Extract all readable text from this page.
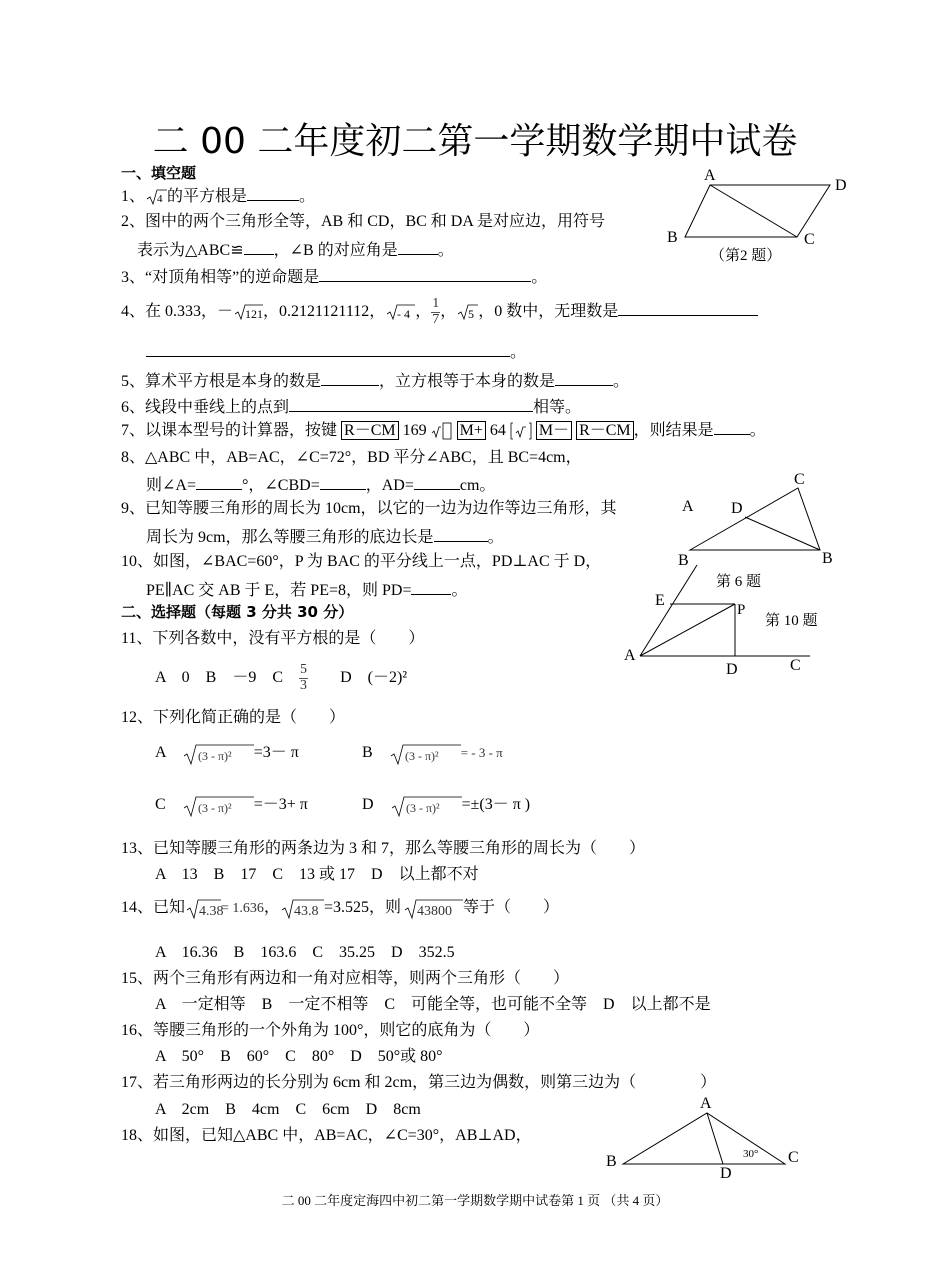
二 00 二年度初二第一学期数学期中试卷
一、填空题
1、 4 的平方根是	。
2、图中的两个三角形全等，AB 和 CD，BC 和 DA 是对应边，用符号
表示为△ABC≌ ，∠B 的对应角是	。
3、“对顶角相等”的逆命题是	。
4、在 0.333，－ 121 ，0.2121121112， - 4 ， $\frac{1}{7}$ ， 5 ，0 数中，无理数是
。
5、算术平方根是本身的数是	，立方根等于本身的数是	。
6、线段中垂线上的点到	相等。
7、以课本型号的计算器，按键 R－CM 169 M+ 64 M－ R－CM ，则结果是 。
8、△ABC 中，AB=AC，∠C=72°，BD 平分∠ABC，且 BC=4cm，
则∠A=	°，∠CBD=	，AD=	cm。
9、已知等腰三角形的周长为 10cm，以它的一边为边作等边三角形，其
周长为 9cm，那么等腰三角形的底边长是	。
10、如图，∠BAC=60°，P 为 BAC 的平分线上一点，PD⊥AC 于 D，
PE∥AC 交 AB 于 E，若 PE=8，则 PD=	。
二、选择题（每题 3 分共 30 分）
11、下列各数中，没有平方根的是（　　）
A　0　B　－9　C　 $\frac{5}{3}$
　　 D　(－2)²
12、下列化简正确的是（　　）
A　	(3 - π)² =3－ π	B　	(3 - π)² = - 3 - π
C　	(3 - π)² =－3+ π	D　	(3 - π)² =±(3－ π )
13、已知等腰三角形的两条边为 3 和 7，那么等腰三角形的周长为（　　）
A　13　B　17　C　13 或 17　D　以上都不对
14、已知 4.38
= 1.636， 43.8 =3.525，则 43800 等于（　　）
A　16.36　B　163.6　C　35.25　D　352.5
15、两个三角形有两边和一角对应相等，则两个三角形（　　）
A　一定相等　B　一定不相等　C　可能全等，也可能不全等　D　以上都不是
16、等腰三角形的一个外角为 100°，则它的底角为（　　）
A　50°　B　60°　C　80°　D　50°或 80°
17、若三角形两边的长分别为 6cm 和 2cm，第三边为偶数，则第三边为（　　　　）
A　2cm　B　4cm　C　6cm　D　8cm
18、如图，已知△ABC 中，AB=AC，∠C=30°，AB⊥AD，
A
D
B	C
（第2 题）
C
A D
B	B
第 6 题
E
P
第 10 题
A
D	C
A
B	C
D
30°
二 00 二年度定海四中初二第一学期数学期中试卷第 1 页 （共 4 页）
